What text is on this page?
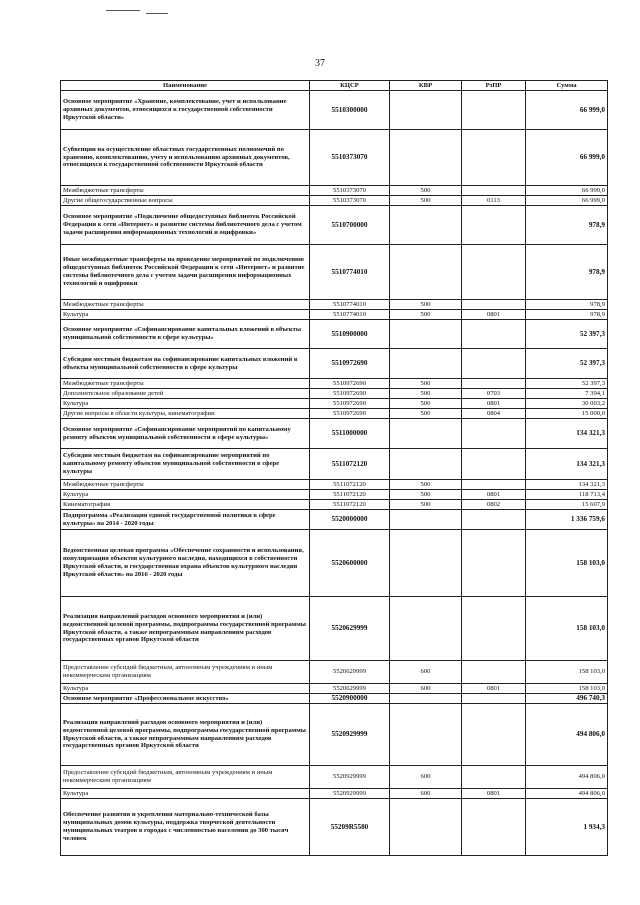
37
Наименование	КЦСР	КВР	РзПР	Сумма
Основное мероприятие «Хранение, комплектование, учет и использование архивных документов, относящихся к государственной собственности Иркутской области»	5510300000			66 999,0
Субвенции на осуществление областных государственных полномочий по хранению, комплектованию, учету и использованию архивных документов, относящихся к государственной собственности Иркутской области	5510373070			66 999,0
Межбюджетные трансферты	5510373070	500		66 999,0
Другие общегосударственные вопросы	5510373070	500	0113	66 999,0
Основное мероприятие «Подключение общедоступных библиотек Российской Федерации к сети «Интернет» и развитие системы библиотечного дела с учетом задачи расширения информационных технологий и оцифровки»	5510700000			978,9
Иные межбюджетные трансферты на проведение мероприятий по подключению общедоступных библиотек Российской Федерации к сети «Интернет» и развитие системы библиотечного дела с учетом задачи расширения информационных технологий и оцифровки	5510774010			978,9
Межбюджетные трансферты	5510774010	500		978,9
Культура	5510774010	500	0801	978,9
Основное мероприятие «Софинансирование капитальных вложений в объекты муниципальной собственности в сфере культуры»	5510900000			52 397,3
Субсидии местным бюджетам на софинансирование капитальных вложений в объекты муниципальной собственности в сфере культуры	5510972690			52 397,3
Межбюджетные трансферты	5510972690	500		52 397,3
Дополнительное образование детей	5510972690	500	0703	7 394,1
Культура	5510972690	500	0801	30 003,2
Другие вопросы в области культуры, кинематографии	5510972690	500	0804	15 000,0
Основное мероприятие «Софинансирование мероприятий по капитальному ремонту объектов муниципальной собственности в сфере культуры»	5511000000			134 321,3
Субсидии местным бюджетам на софинансирование мероприятий по капитальному ремонту объектов муниципальной собственности в сфере культуры	5511072120			134 321,3
Межбюджетные трансферты	5511072120	500		134 321,3
Культура	5511072120	500	0801	118 713,4
Кинематография	5511072120	500	0802	15 607,9
Подпрограмма «Реализация единой государственной политики в сфере культуры» на 2014 - 2020 годы	5520000000			1 336 759,6
Ведомственная целевая программа «Обеспечение сохранности и использования, популяризация объектов культурного наследия, находящихся в собственности Иркутской области, и государственная охрана объектов культурного наследия Иркутской области» на 2016 - 2020 годы	5520600000			158 103,0
Реализация направлений расходов основного мероприятия и (или) ведомственной целевой программы, подпрограммы государственной программы Иркутской области, а также непрограммным направлениям расходов государственных органов Иркутской области	5520629999			158 103,0
Предоставление субсидий бюджетным, автономным учреждениям и иным некоммерческим организациям	5520629999	600		158 103,0
Культура	5520629999	600	0801	158 103,0
Основное мероприятие «Профессиональное искусство»	5520900000			496 740,3
Реализация направлений расходов основного мероприятия и (или) ведомственной целевой программы, подпрограммы государственной программы Иркутской области, а также непрограммным направлениям расходов государственных органов Иркутской области	5520929999			494 806,0
Предоставление субсидий бюджетным, автономным учреждениям и иным некоммерческим организациям	5520929999	600		494 806,0
Культура	5520929999	600	0801	494 806,0
Обеспечение развития и укрепления материально-технической базы муниципальных домов культуры, поддержка творческой деятельности муниципальных театров в городах с численностью населения до 300 тысяч человек	55209R5580			1 934,3
